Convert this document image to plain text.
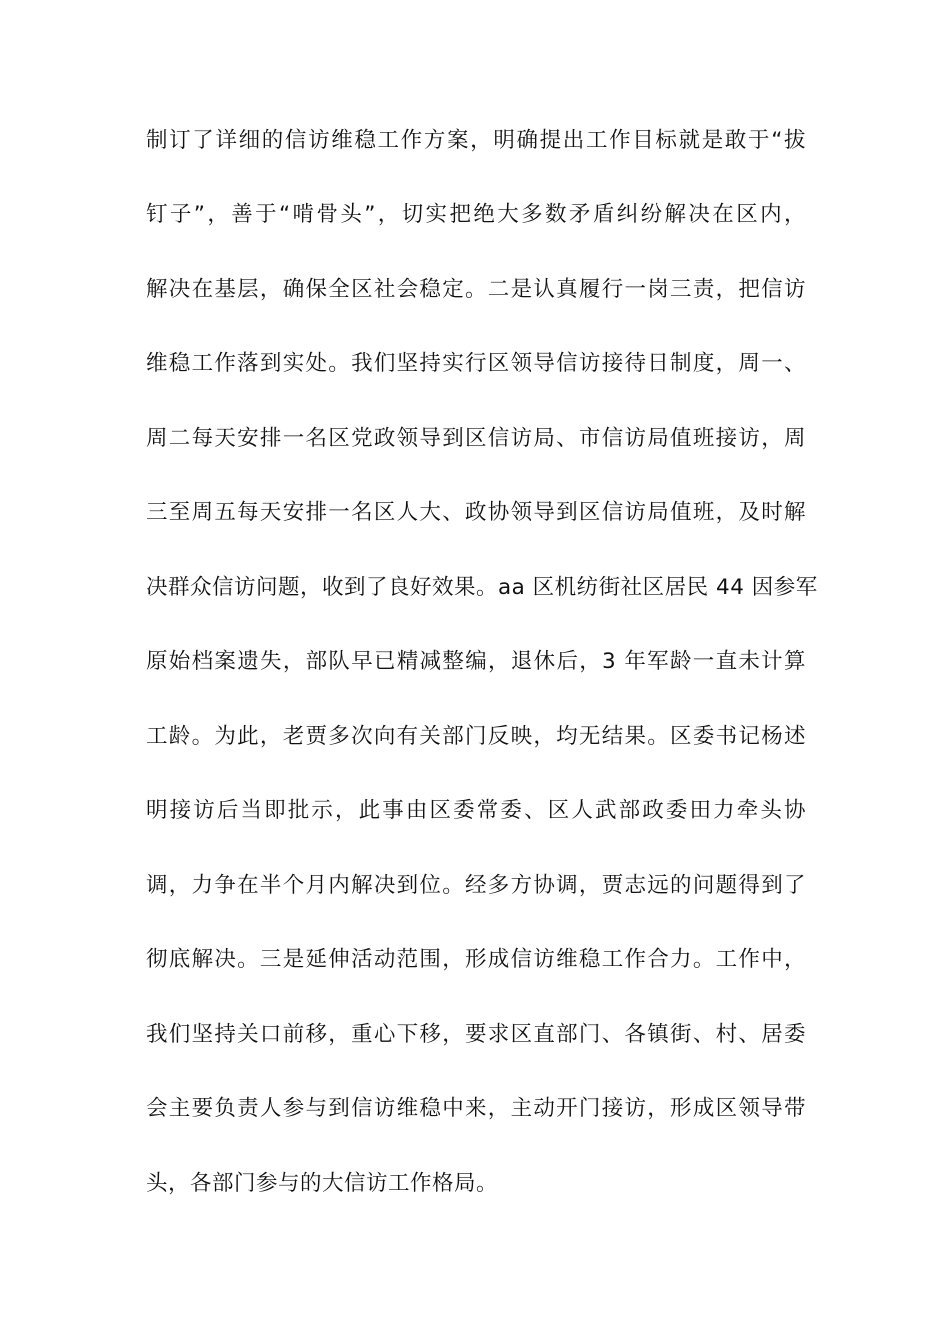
制订了详细的信访维稳工作方案，明确提出工作目标就是敢于“拔
钉子”，善于“啃骨头”，切实把绝大多数矛盾纠纷解决在区内，
解决在基层，确保全区社会稳定。二是认真履行一岗三责，把信访
维稳工作落到实处。我们坚持实行区领导信访接待日制度，周一、
周二每天安排一名区党政领导到区信访局、市信访局值班接访，周
三至周五每天安排一名区人大、政协领导到区信访局值班，及时解
决群众信访问题，收到了良好效果。aa 区机纺街社区居民 44 因参军
原始档案遗失，部队早已精减整编，退休后，3 年军龄一直未计算
工龄。为此，老贾多次向有关部门反映，均无结果。区委书记杨述
明接访后当即批示，此事由区委常委、区人武部政委田力牵头协
调，力争在半个月内解决到位。经多方协调，贾志远的问题得到了
彻底解决。三是延伸活动范围，形成信访维稳工作合力。工作中，
我们坚持关口前移，重心下移，要求区直部门、各镇街、村、居委
会主要负责人参与到信访维稳中来，主动开门接访，形成区领导带
头，各部门参与的大信访工作格局。
